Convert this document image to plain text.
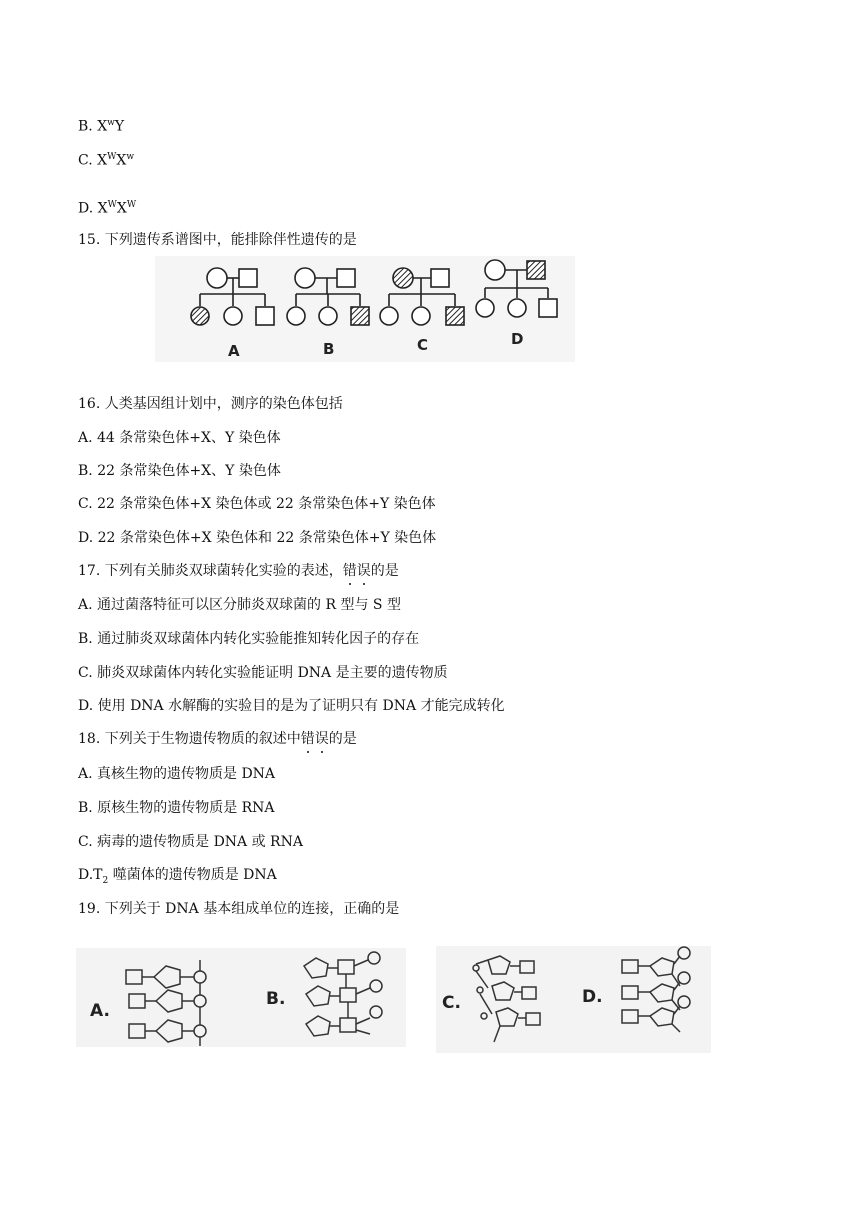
B. $X^wY$
C. $X^WX^w$
D. $X^WX^W$
15. 下列遗传系谱图中，能排除伴性遗传的是
A	B	C	D
16. 人类基因组计划中，测序的染色体包括
A. 44 条常染色体+X、Y 染色体
B. 22 条常染色体+X、Y 染色体
C. 22 条常染色体+X 染色体或 22 条常染色体+Y 染色体
D. 22 条常染色体+X 染色体和 22 条常染色体+Y 染色体
17. 下列有关肺炎双球菌转化实验的表述，错误的是
A. 通过菌落特征可以区分肺炎双球菌的 R 型与 S 型
B. 通过肺炎双球菌体内转化实验能推知转化因子的存在
C. 肺炎双球菌体内转化实验能证明 DNA 是主要的遗传物质
D. 使用 DNA 水解酶的实验目的是为了证明只有 DNA 才能完成转化
18. 下列关于生物遗传物质的叙述中错误的是
A. 真核生物的遗传物质是 DNA
B. 原核生物的遗传物质是 RNA
C. 病毒的遗传物质是 DNA 或 RNA
$D.T_2$ 噬菌体的遗传物质是 DNA
19. 下列关于 DNA 基本组成单位的连接，正确的是
A.
B.	C.	D.
